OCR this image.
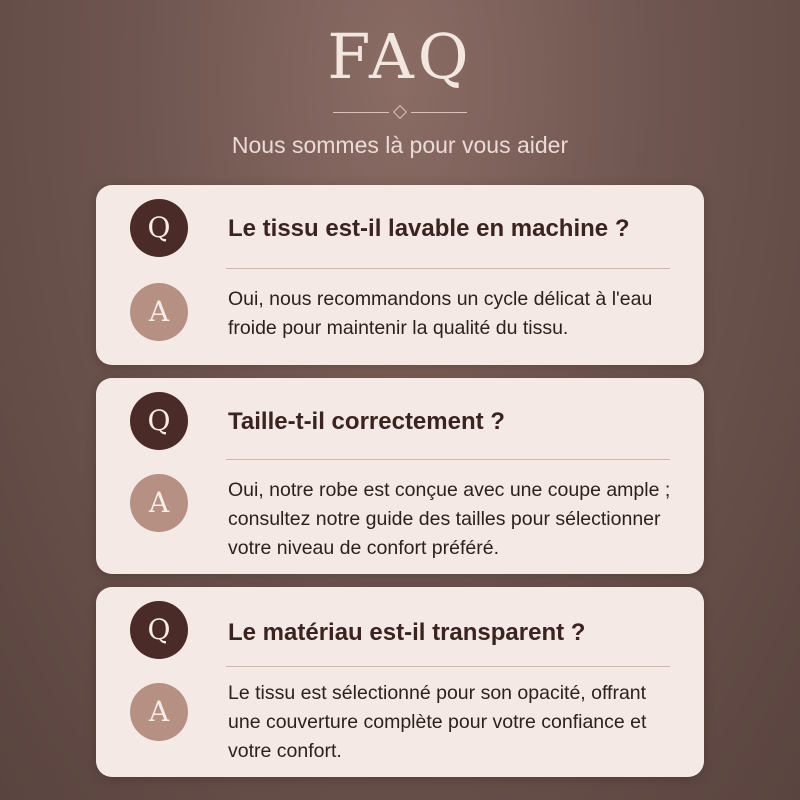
FAQ
Nous sommes là pour vous aider
Q	Le tissu est-il lavable en machine ?
A	Oui, nous recommandons un cycle délicat à l'eau froide pour maintenir la qualité du tissu.
Q	Taille-t-il correctement ?
A	Oui, notre robe est conçue avec une coupe ample ; consultez notre guide des tailles pour sélectionner votre niveau de confort préféré.
Q	Le matériau est-il transparent ?
A
Le tissu est sélectionné pour son opacité, offrant une couverture complète pour votre confiance et votre confort.
